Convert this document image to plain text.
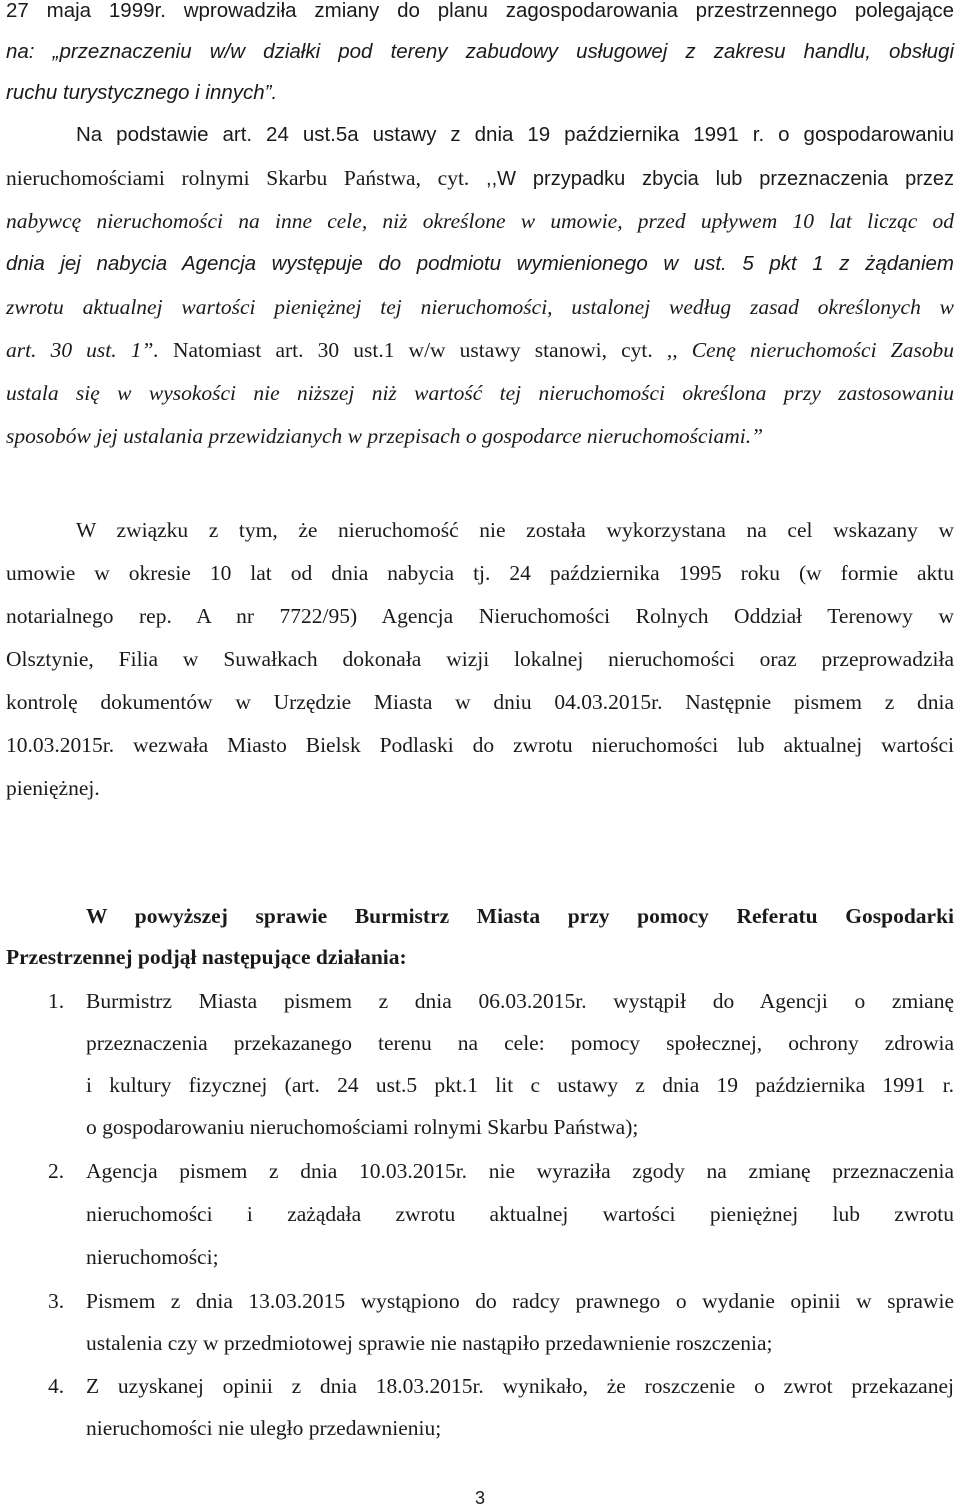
27 maja 1999r. wprowadziła zmiany do planu zagospodarowania przestrzennego polegające
na: „przeznaczeniu w/w działki pod tereny zabudowy usługowej z zakresu handlu, obsługi
ruchu turystycznego i innych”.
Na podstawie art. 24 ust.5a ustawy z dnia 19 października 1991 r. o gospodarowaniu
nieruchomościami rolnymi Skarbu Państwa, cyt. ,,W przypadku zbycia lub przeznaczenia przez
nabywcę nieruchomości na inne cele, niż określone w umowie, przed upływem 10 lat licząc od
dnia jej nabycia Agencja występuje do podmiotu wymienionego w ust. 5 pkt 1 z żądaniem
zwrotu aktualnej wartości pieniężnej tej nieruchomości, ustalonej według zasad określonych w
art. 30 ust. 1”. Natomiast art. 30 ust.1 w/w ustawy stanowi, cyt. ,, Cenę nieruchomości Zasobu
ustala się w wysokości nie niższej niż wartość tej nieruchomości określona przy zastosowaniu
sposobów jej ustalania przewidzianych w przepisach o gospodarce nieruchomościami.”
W związku z tym, że nieruchomość nie została wykorzystana na cel wskazany w
umowie w okresie 10 lat od dnia nabycia tj. 24 października 1995 roku (w formie aktu
notarialnego rep. A nr 7722/95) Agencja Nieruchomości Rolnych Oddział Terenowy w
Olsztynie, Filia w Suwałkach dokonała wizji lokalnej nieruchomości oraz przeprowadziła
kontrolę dokumentów w Urzędzie Miasta w dniu 04.03.2015r. Następnie pismem z dnia
10.03.2015r. wezwała Miasto Bielsk Podlaski do zwrotu nieruchomości lub aktualnej wartości
pieniężnej.
W powyższej sprawie Burmistrz Miasta przy pomocy Referatu Gospodarki
Przestrzennej podjął następujące działania:
1. Burmistrz Miasta pismem z dnia 06.03.2015r. wystąpił do Agencji o zmianę
przeznaczenia przekazanego terenu na cele: pomocy społecznej, ochrony zdrowia
i kultury fizycznej (art. 24 ust.5 pkt.1 lit c ustawy z dnia 19 października 1991 r.
o gospodarowaniu nieruchomościami rolnymi Skarbu Państwa);
2. Agencja pismem z dnia 10.03.2015r. nie wyraziła zgody na zmianę przeznaczenia
nieruchomości i zażądała zwrotu aktualnej wartości pieniężnej lub zwrotu
nieruchomości;
3. Pismem z dnia 13.03.2015 wystąpiono do radcy prawnego o wydanie opinii w sprawie
ustalenia czy w przedmiotowej sprawie nie nastąpiło przedawnienie roszczenia;
4. Z uzyskanej opinii z dnia 18.03.2015r. wynikało, że roszczenie o zwrot przekazanej
nieruchomości nie uległo przedawnieniu;
3
